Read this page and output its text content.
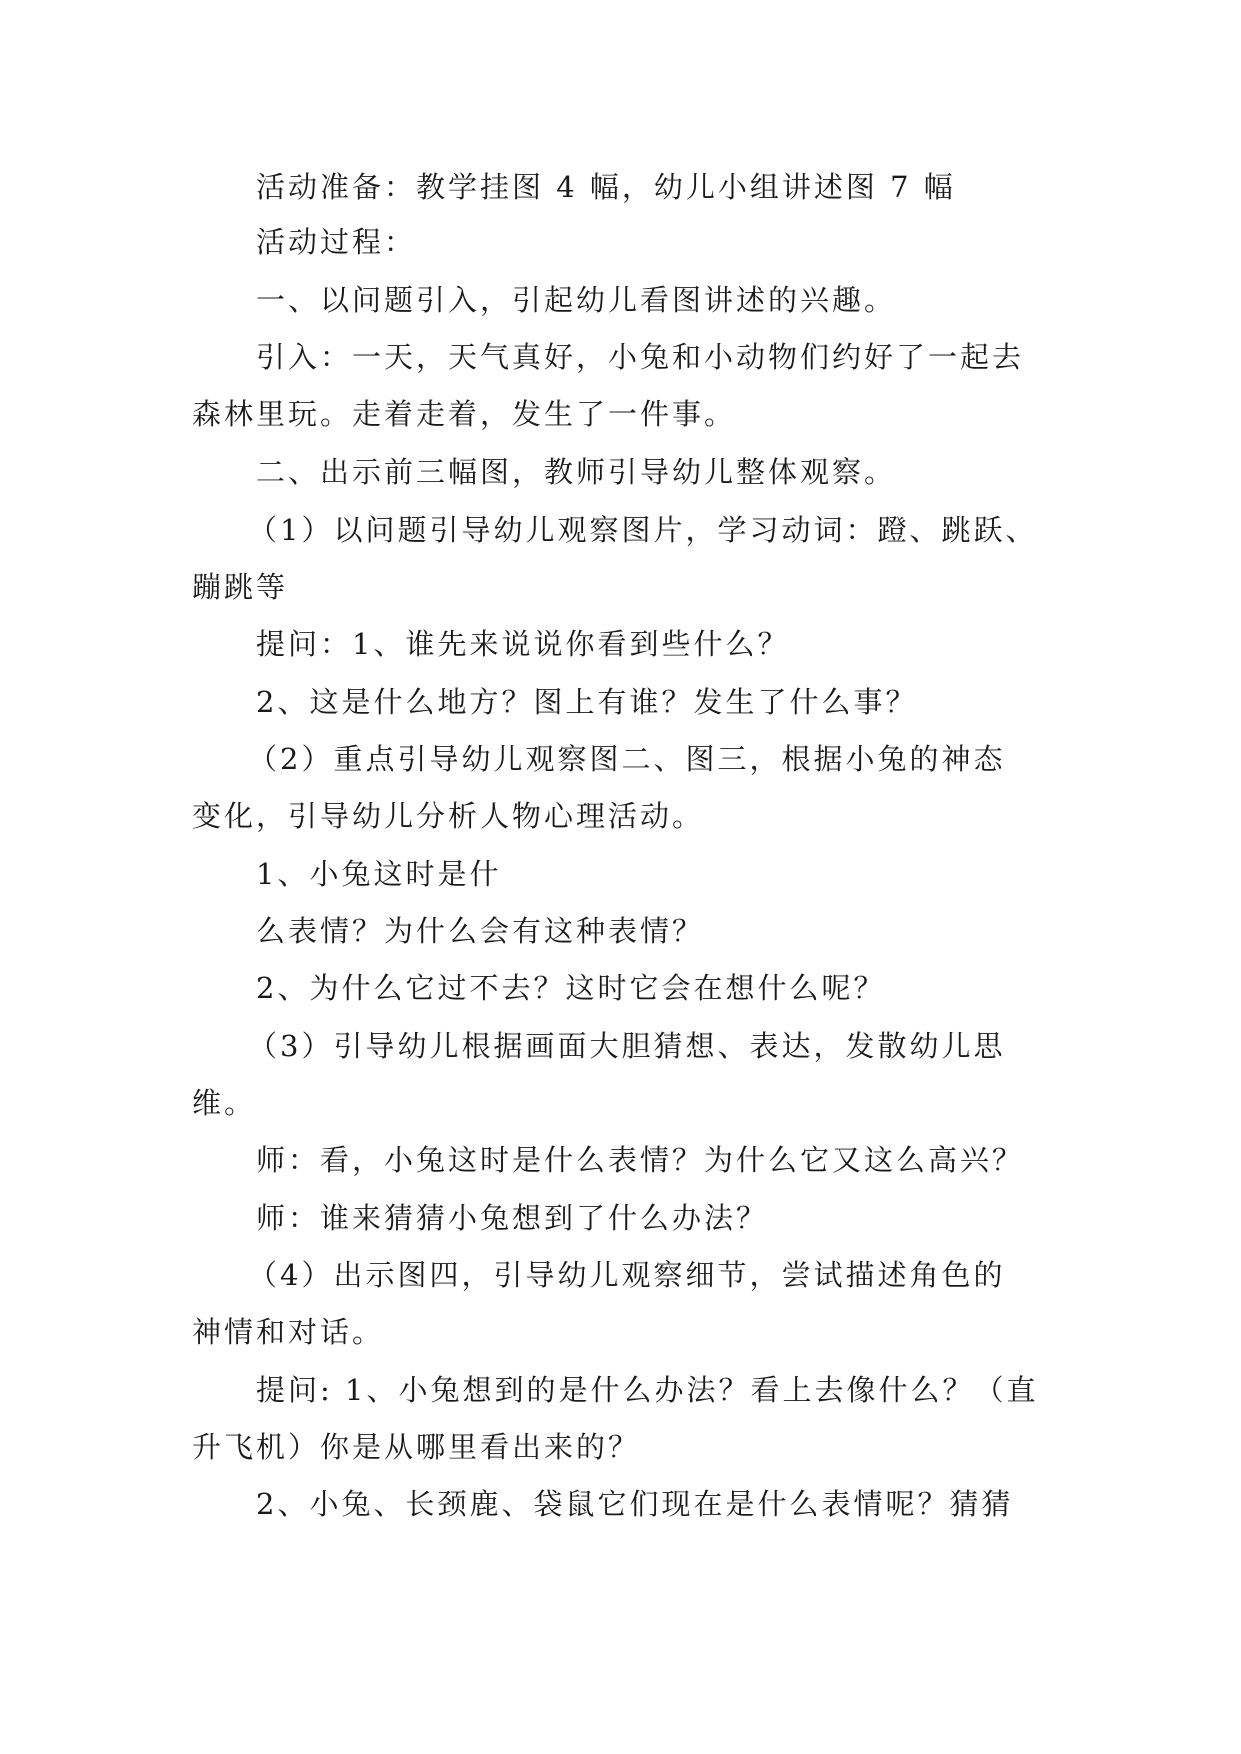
活动准备：教学挂图 4 幅，幼儿小组讲述图 7 幅
活动过程：
一、以问题引入，引起幼儿看图讲述的兴趣。
引入：一天，天气真好，小兔和小动物们约好了一起去
森林里玩。走着走着，发生了一件事。
二、出示前三幅图，教师引导幼儿整体观察。
（1）以问题引导幼儿观察图片，学习动词：蹬、跳跃、
蹦跳等
提问：1、谁先来说说你看到些什么？
2、这是什么地方？图上有谁？发生了什么事？
（2）重点引导幼儿观察图二、图三，根据小兔的神态
变化，引导幼儿分析人物心理活动。
1、小兔这时是什
么表情？为什么会有这种表情？
2、为什么它过不去？这时它会在想什么呢？
（3）引导幼儿根据画面大胆猜想、表达，发散幼儿思
维。
师：看，小兔这时是什么表情？为什么它又这么高兴？
师：谁来猜猜小兔想到了什么办法？
（4）出示图四，引导幼儿观察细节，尝试描述角色的
神情和对话。
提问: 1、小兔想到的是什么办法？看上去像什么？（直
升飞机）你是从哪里看出来的？
2、小兔、长颈鹿、袋鼠它们现在是什么表情呢？猜猜
